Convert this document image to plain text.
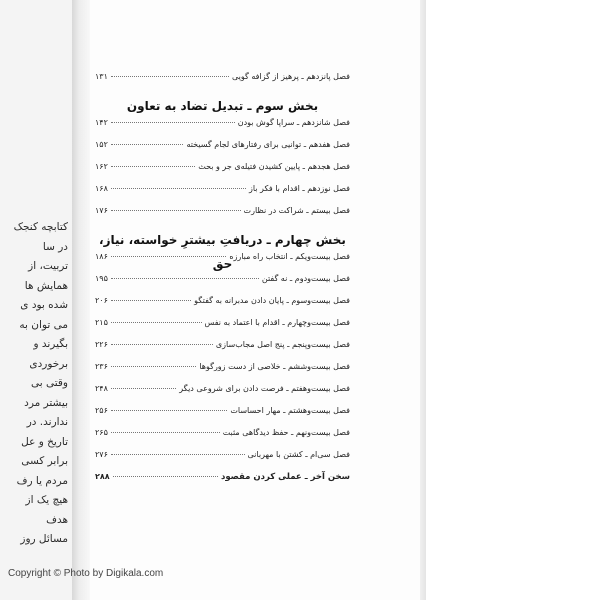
کتابچه کنجک
در سا
تربیت، از
همایش ها
شده بود ی
می توان به
بگیرند و
برخوردی
وقتی بی
بیشتر مرد
ندارند. در
تاریخ و عل
برابر کسی
مردم یا رف
هیچ یک از
هدف
مسائل روز
فصل پانزدهم ـ پرهیز از گزافه گویی
۱۳۱
بخش سوم ـ تبدیل تضاد به تعاون
فصل شانزدهم ـ سراپا گوش بودن
۱۴۲
فصل هفدهم ـ توانیی برای رفتارهای لجام گسیخته
۱۵۲
فصل هجدهم ـ پایین کشیدن فتیله‌ی جر و بحث
۱۶۲
فصل نوزدهم ـ اقدام با فکر باز
۱۶۸
فصل بیستم ـ شراکت در نظارت
۱۷۶
بخش چهارم ـ دریافتِ بیشترِ خواسته، نیاز، حق
فصل بیست‌ویکم ـ انتخاب راه مبارزه
۱۸۶
فصل بیست‌ودوم ـ نه گفتن
۱۹۵
فصل بیست‌وسوم ـ پایان دادن مدبرانه به گفتگو
۲۰۶
فصل بیست‌وچهارم ـ اقدام با اعتماد به نفس
۲۱۵
فصل بیست‌وپنجم ـ پنج اصل مجاب‌سازی
۲۲۶
فصل بیست‌وششم ـ خلاصی از دست زورگوها
۲۳۶
فصل بیست‌وهفتم ـ فرصت دادن برای شروعی دیگر
۲۴۸
فصل بیست‌وهشتم ـ مهار احساسات
۲۵۶
فصل بیست‌ونهم ـ حفظ دیدگاهی مثبت
۲۶۵
فصل سی‌ام ـ کشتن با مهربانی
۲۷۶
سخن آخر ـ عملی کردن مقصود
۲۸۸
Copyright © Photo by Digikala.com
